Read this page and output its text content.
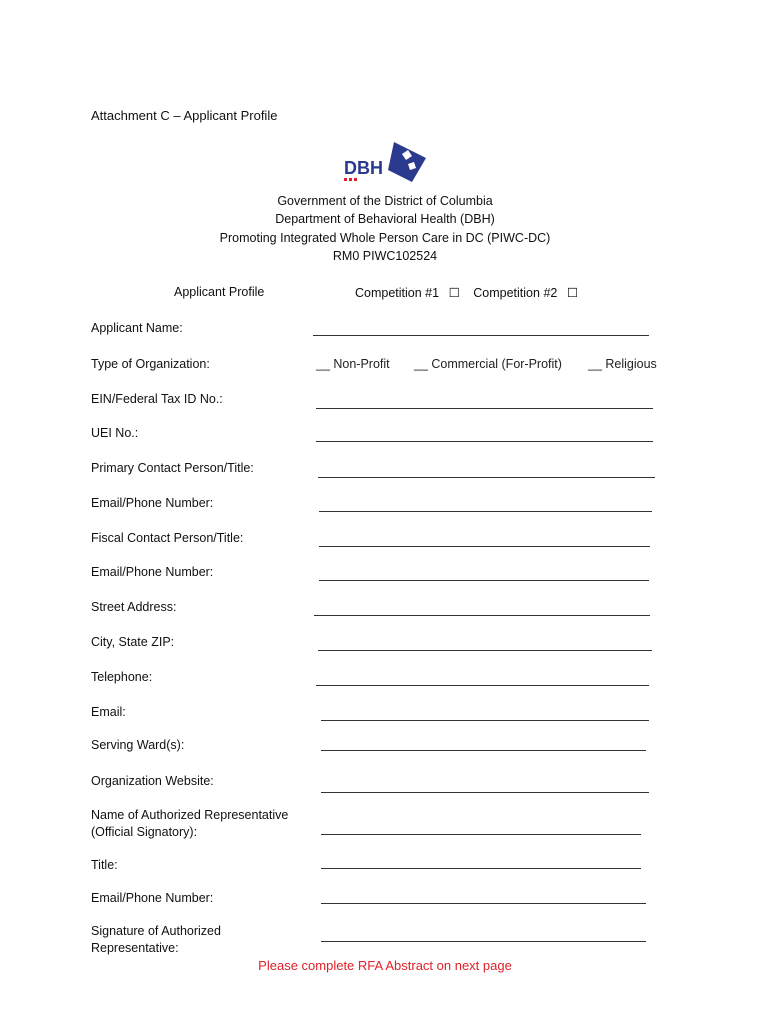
Attachment C – Applicant Profile
DBH
Government of the District of Columbia
Department of Behavioral Health (DBH)
Promoting Integrated Whole Person Care in DC (PIWC-DC)
RM0 PIWC102524
Applicant Profile	Competition #1 ☐ Competition #2 ☐
Applicant Name:
Type of Organization:	__ Non-Profit __ Commercial (For-Profit) __ Religious
EIN/Federal Tax ID No.:
UEI No.:
Primary Contact Person/Title:
Email/Phone Number:
Fiscal Contact Person/Title:
Email/Phone Number:
Street Address:
City, State ZIP:
Telephone:
Email:
Serving Ward(s):
Organization Website:
Name of Authorized Representative
(Official Signatory):
Title:
Email/Phone Number:
Signature of Authorized
Representative:
Please complete RFA Abstract on next page
